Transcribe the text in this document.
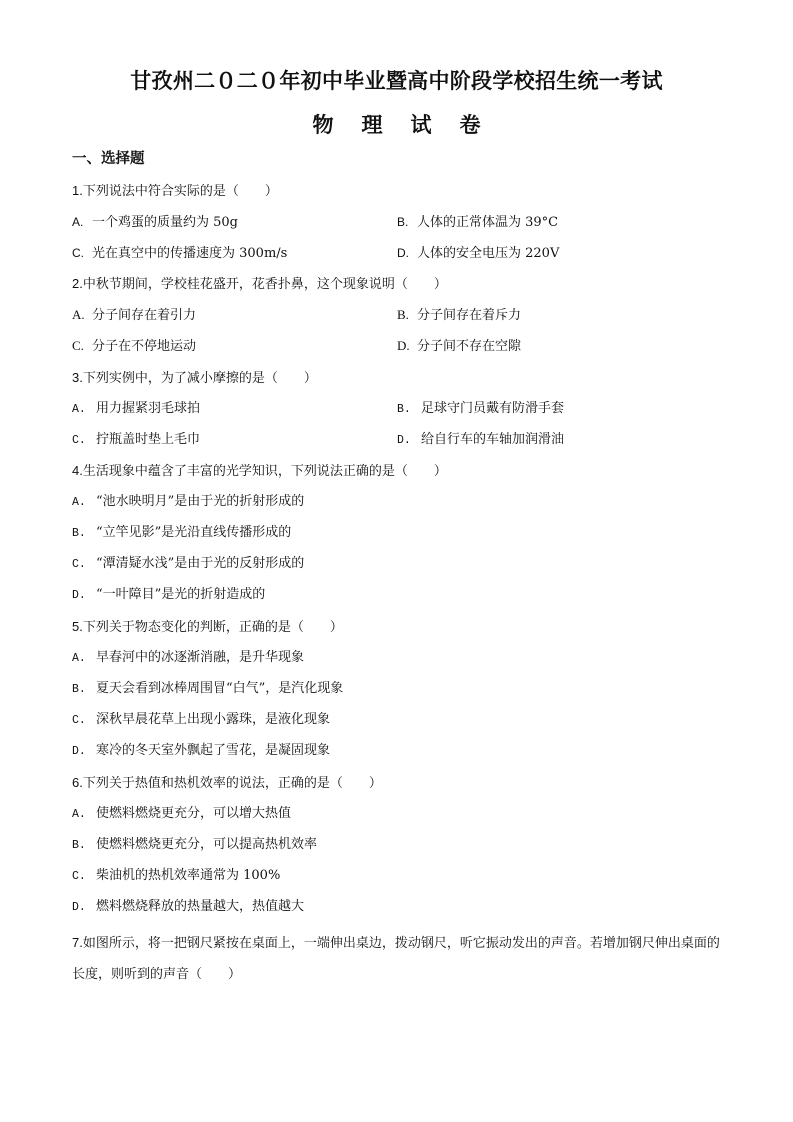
甘孜州二０二０年初中毕业暨高中阶段学校招生统一考试
物 理 试 卷
一、选择题
1.下列说法中符合实际的是（　　）
A. 一个鸡蛋的质量约为 50g	B. 人体的正常体温为 39°C
C. 光在真空中的传播速度为 300m/s	D. 人体的安全电压为 220V
2.中秋节期间，学校桂花盛开，花香扑鼻，这个现象说明（　　）
A. 分子间存在着引力	B. 分子间存在着斥力
C. 分子在不停地运动	D. 分子间不存在空隙
3.下列实例中，为了减小摩擦的是（　　）
A. 用力握紧羽毛球拍	B. 足球守门员戴有防滑手套
C. 拧瓶盖时垫上毛巾	D. 给自行车的车轴加润滑油
4.生活现象中蕴含了丰富的光学知识，下列说法正确的是（　　）
A. “池水映明月”是由于光的折射形成的
B. “立竿见影”是光沿直线传播形成的
C. “潭清疑水浅”是由于光的反射形成的
D. “一叶障目”是光的折射造成的
5.下列关于物态变化的判断，正确的是（　　）
A. 早春河中的冰逐渐消融，是升华现象
B. 夏天会看到冰棒周围冒“白气”，是汽化现象
C. 深秋早晨花草上出现小露珠，是液化现象
D. 寒冷的冬天室外飘起了雪花，是凝固现象
6.下列关于热值和热机效率的说法，正确的是（　　）
A. 使燃料燃烧更充分，可以增大热值
B. 使燃料燃烧更充分，可以提高热机效率
C. 柴油机的热机效率通常为 100%
D. 燃料燃烧释放的热量越大，热值越大
7.如图所示，将一把钢尺紧按在桌面上，一端伸出桌边，拨动钢尺，听它振动发出的声音。若增加钢尺伸出桌面的长度，则听到的声音（　　）
